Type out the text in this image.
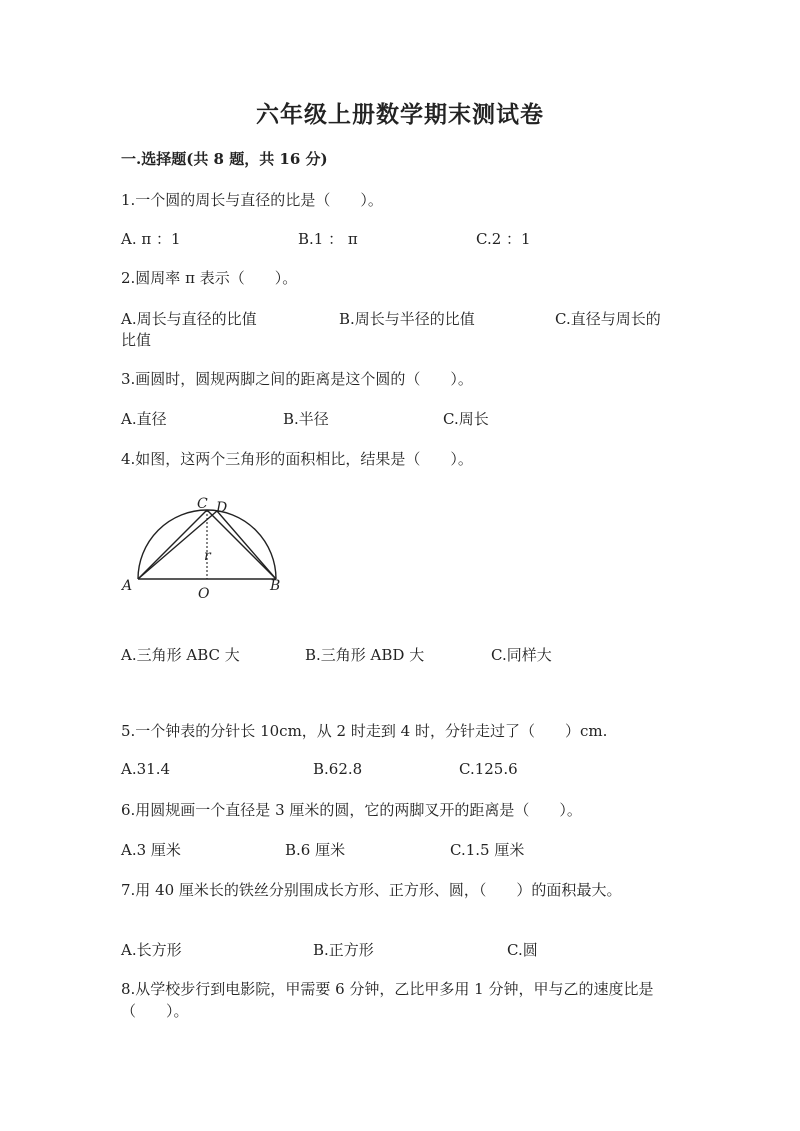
六年级上册数学期末测试卷
一.选择题(共 8 题，共 16 分)
1.一个圆的周长与直径的比是（　　）。
A. π ：1	B.1 ： π	C.2 ：1
2.圆周率 π 表示（　　）。
A.周长与直径的比值	B.周长与半径的比值	C.直径与周长的
比值
3.画圆时，圆规两脚之间的距离是这个圆的（　　）。
A.直径	B.半径	C.周长
4.如图，这两个三角形的面积相比，结果是（　　）。
C D
A	B
O
r
A.三角形 ABC 大	B.三角形 ABD 大	C.同样大
5.一个钟表的分针长 10cm，从 2 时走到 4 时，分针走过了（　　）cm.
A.31.4	B.62.8	C.125.6
6.用圆规画一个直径是 3 厘米的圆，它的两脚叉开的距离是（　　）。
A.3 厘米	B.6 厘米	C.1.5 厘米
7.用 40 厘米长的铁丝分别围成长方形、正方形、圆，（　　）的面积最大。
A.长方形	B.正方形	C.圆
8.从学校步行到电影院，甲需要 6 分钟，乙比甲多用 1 分钟，甲与乙的速度比是（　　）。
